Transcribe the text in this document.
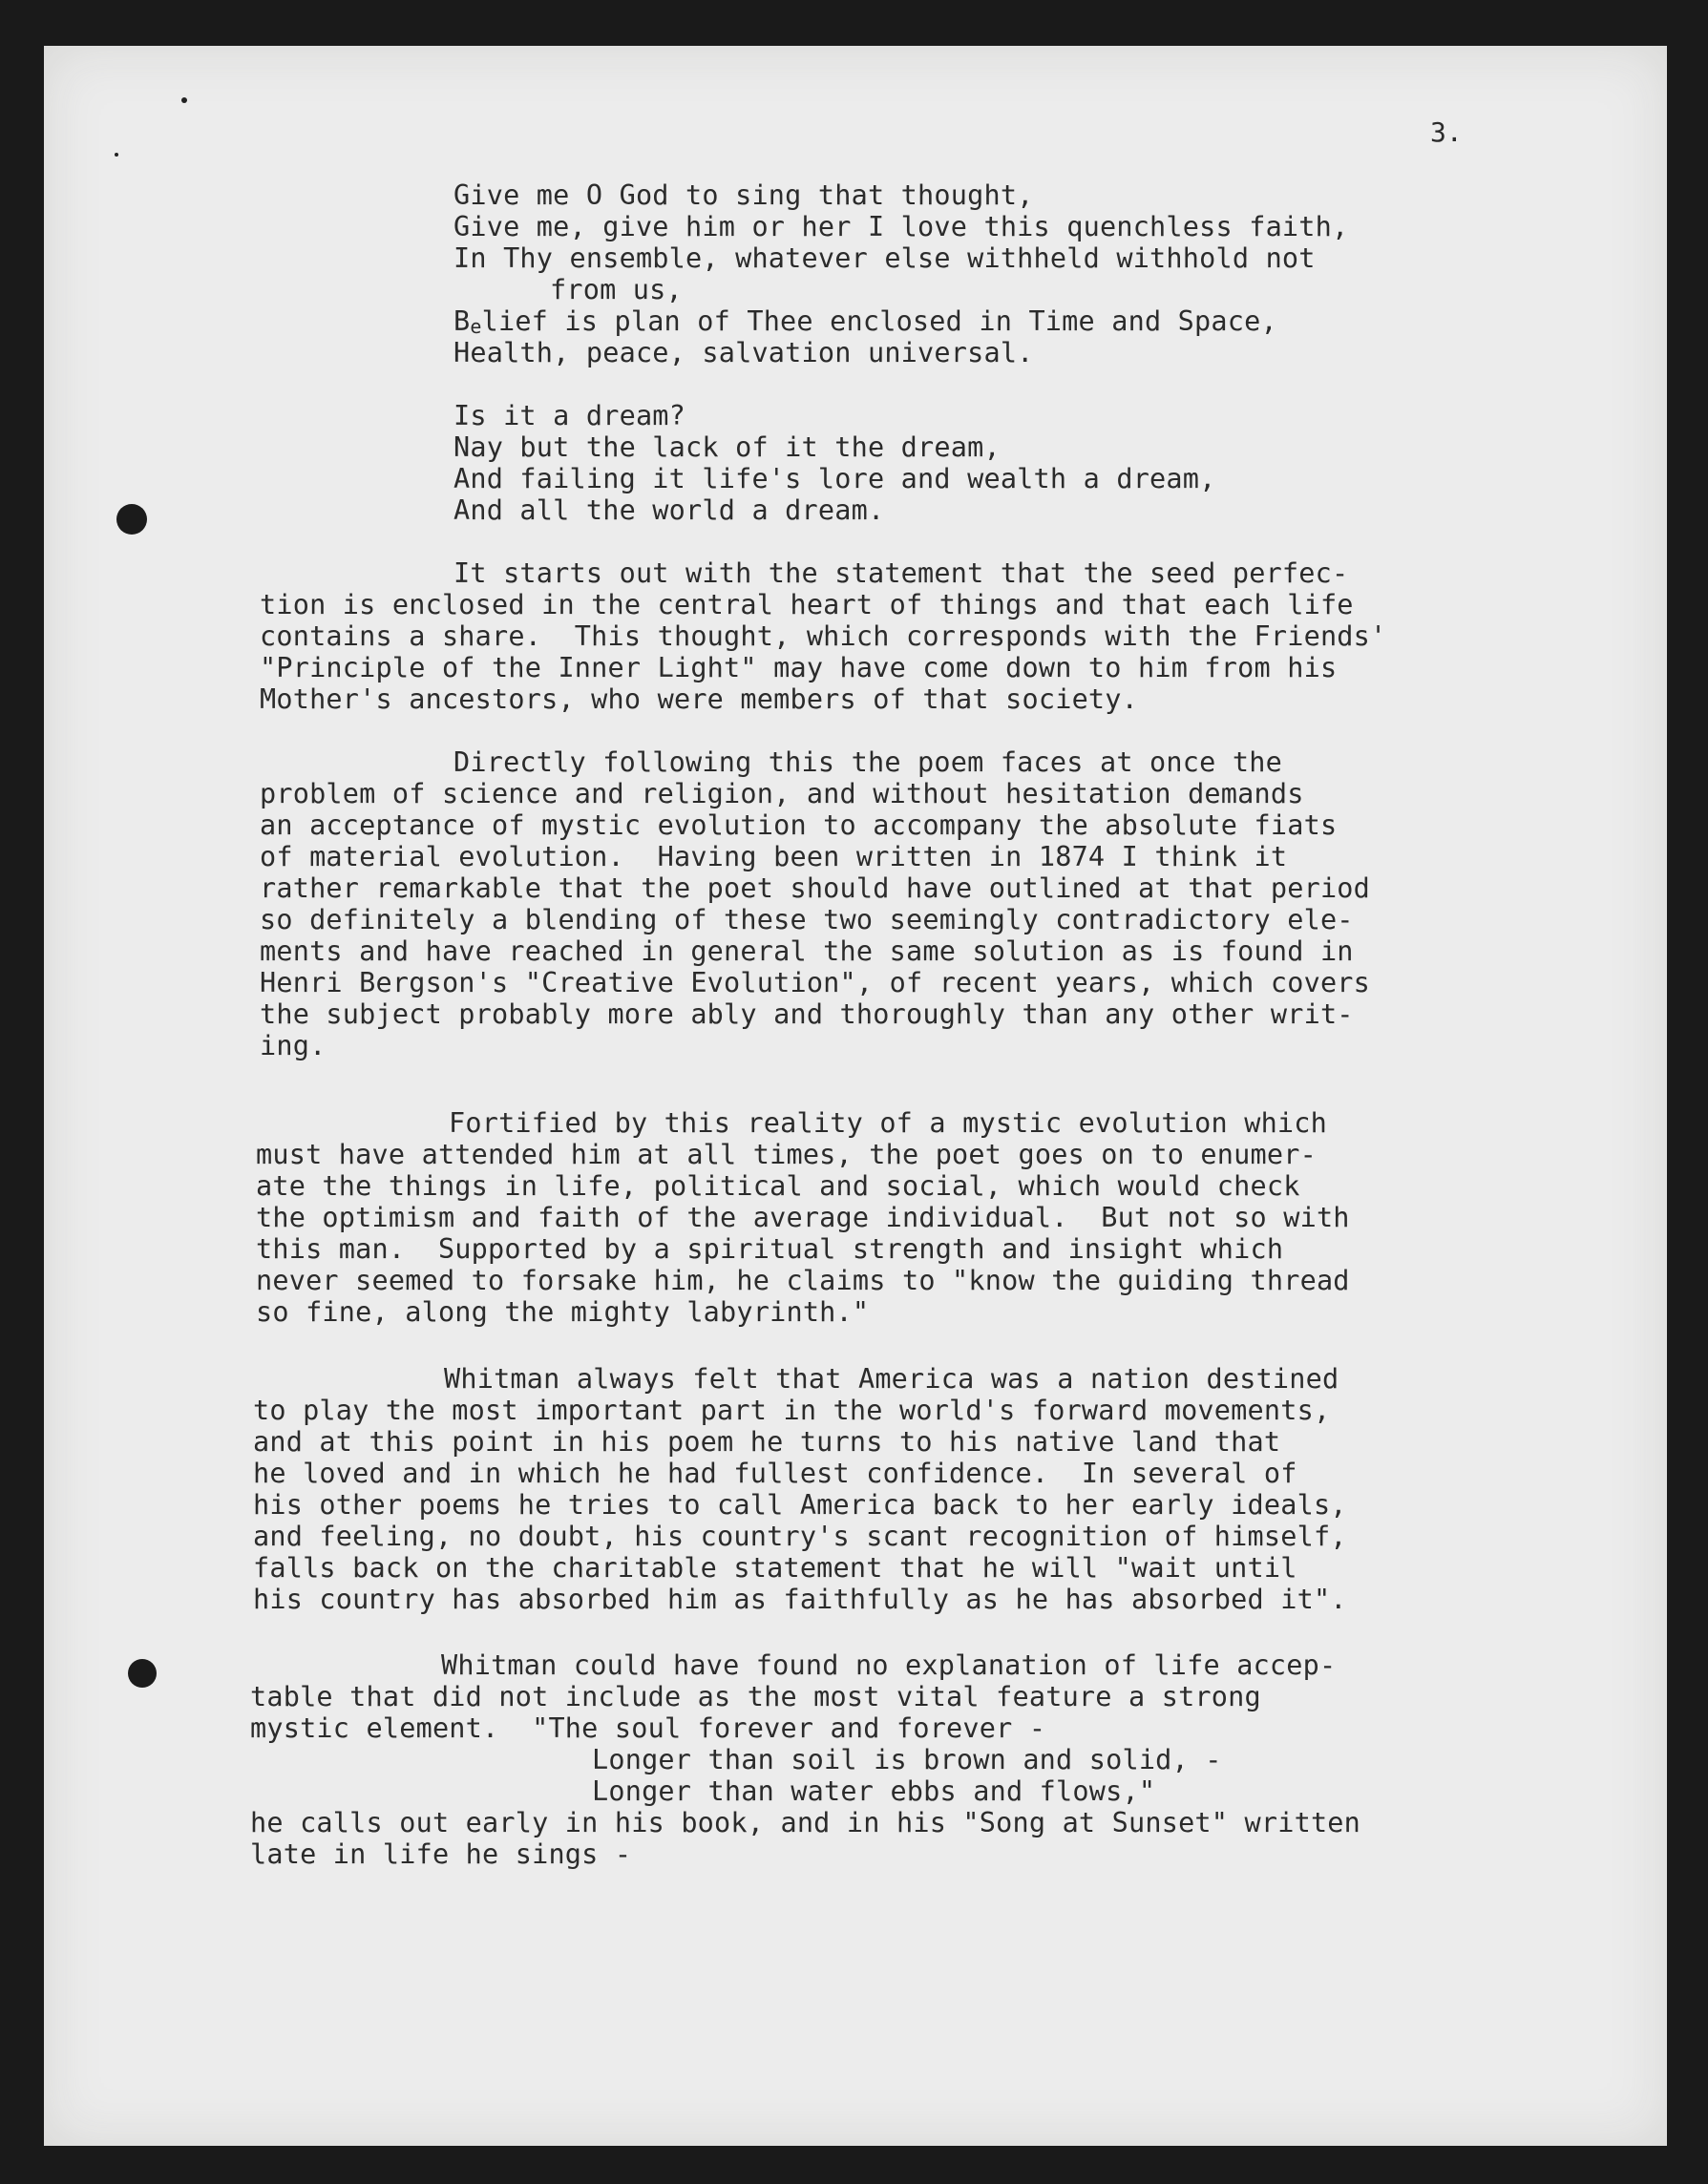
3.
Give me O God to sing that thought,
Give me, give him or her I love this quenchless faith,
In Thy ensemble, whatever else withheld withhold not
from us,
Belief is plan of Thee enclosed in Time and Space,
Health, peace, salvation universal.
Is it a dream?
Nay but the lack of it the dream,
And failing it life's lore and wealth a dream,
And all the world a dream.
It starts out with the statement that the seed perfec-
tion is enclosed in the central heart of things and that each life
contains a share.  This thought, which corresponds with the Friends'
"Principle of the Inner Light" may have come down to him from his
Mother's ancestors, who were members of that society.
Directly following this the poem faces at once the
problem of science and religion, and without hesitation demands
an acceptance of mystic evolution to accompany the absolute fiats
of material evolution.  Having been written in 1874 I think it
rather remarkable that the poet should have outlined at that period
so definitely a blending of these two seemingly contradictory ele-
ments and have reached in general the same solution as is found in
Henri Bergson's "Creative Evolution", of recent years, which covers
the subject probably more ably and thoroughly than any other writ-
ing.
Fortified by this reality of a mystic evolution which
must have attended him at all times, the poet goes on to enumer-
ate the things in life, political and social, which would check
the optimism and faith of the average individual.  But not so with
this man.  Supported by a spiritual strength and insight which
never seemed to forsake him, he claims to "know the guiding thread
so fine, along the mighty labyrinth."
Whitman always felt that America was a nation destined
to play the most important part in the world's forward movements,
and at this point in his poem he turns to his native land that
he loved and in which he had fullest confidence.  In several of
his other poems he tries to call America back to her early ideals,
and feeling, no doubt, his country's scant recognition of himself,
falls back on the charitable statement that he will "wait until
his country has absorbed him as faithfully as he has absorbed it".
Whitman could have found no explanation of life accep-
table that did not include as the most vital feature a strong
mystic element.  "The soul forever and forever -
Longer than soil is brown and solid, -
Longer than water ebbs and flows,"
he calls out early in his book, and in his "Song at Sunset" written
late in life he sings -
